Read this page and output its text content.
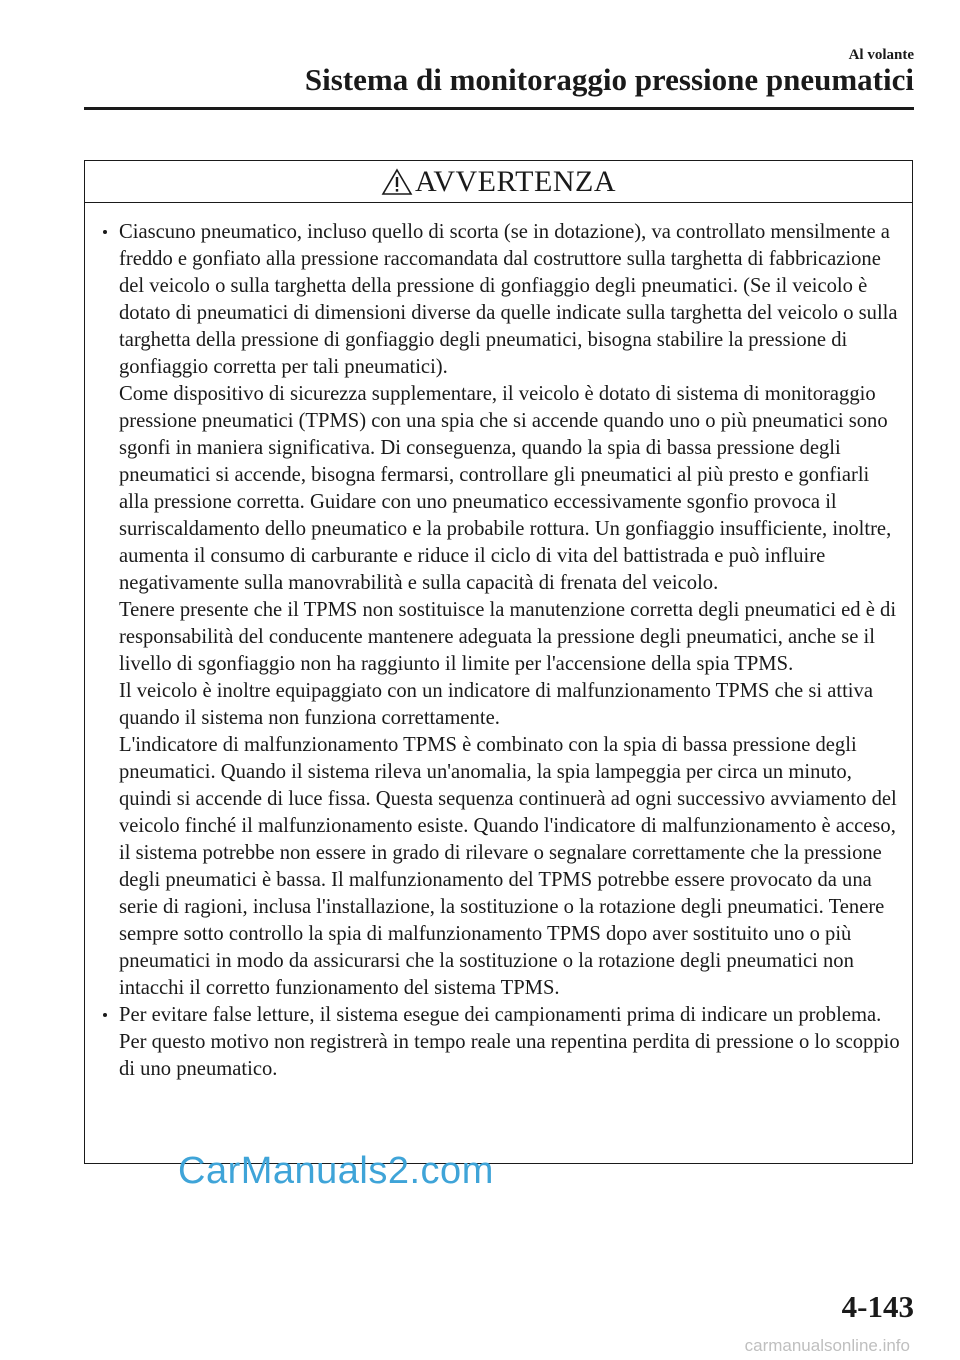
Al volante
Sistema di monitoraggio pressione pneumatici
AVVERTENZA

Ciascuno pneumatico, incluso quello di scorta (se in dotazione), va controllato mensilmente a freddo e gonfiato alla pressione raccomandata dal costruttore sulla targhetta di fabbricazione del veicolo o sulla targhetta della pressione di gonfiaggio degli pneumatici. (Se il veicolo è dotato di pneumatici di dimensioni diverse da quelle indicate sulla targhetta del veicolo o sulla targhetta della pressione di gonfiaggio degli pneumatici, bisogna stabilire la pressione di gonfiaggio corretta per tali pneumatici).

Come dispositivo di sicurezza supplementare, il veicolo è dotato di sistema di monitoraggio pressione pneumatici (TPMS) con una spia che si accende quando uno o più pneumatici sono sgonfi in maniera significativa. Di conseguenza, quando la spia di bassa pressione degli pneumatici si accende, bisogna fermarsi, controllare gli pneumatici al più presto e gonfiarli alla pressione corretta. Guidare con uno pneumatico eccessivamente sgonfio provoca il surriscaldamento dello pneumatico e la probabile rottura. Un gonfiaggio insufficiente, inoltre, aumenta il consumo di carburante e riduce il ciclo di vita del battistrada e può influire negativamente sulla manovrabilità e sulla capacità di frenata del veicolo.

Tenere presente che il TPMS non sostituisce la manutenzione corretta degli pneumatici ed è di responsabilità del conducente mantenere adeguata la pressione degli pneumatici, anche se il livello di sgonfiaggio non ha raggiunto il limite per l'accensione della spia TPMS.

Il veicolo è inoltre equipaggiato con un indicatore di malfunzionamento TPMS che si attiva quando il sistema non funziona correttamente.

L'indicatore di malfunzionamento TPMS è combinato con la spia di bassa pressione degli pneumatici. Quando il sistema rileva un'anomalia, la spia lampeggia per circa un minuto, quindi si accende di luce fissa. Questa sequenza continuerà ad ogni successivo avviamento del veicolo finché il malfunzionamento esiste. Quando l'indicatore di malfunzionamento è acceso, il sistema potrebbe non essere in grado di rilevare o segnalare correttamente che la pressione degli pneumatici è bassa. Il malfunzionamento del TPMS potrebbe essere provocato da una serie di ragioni, inclusa l'installazione, la sostituzione o la rotazione degli pneumatici. Tenere sempre sotto controllo la spia di malfunzionamento TPMS dopo aver sostituito uno o più pneumatici in modo da assicurarsi che la sostituzione o la rotazione degli pneumatici non intacchi il corretto funzionamento del sistema TPMS.

Per evitare false letture, il sistema esegue dei campionamenti prima di indicare un problema. Per questo motivo non registrerà in tempo reale una repentina perdita di pressione o lo scoppio di uno pneumatico.

CarManuals2.com
4-143
carmanualsonline.info
